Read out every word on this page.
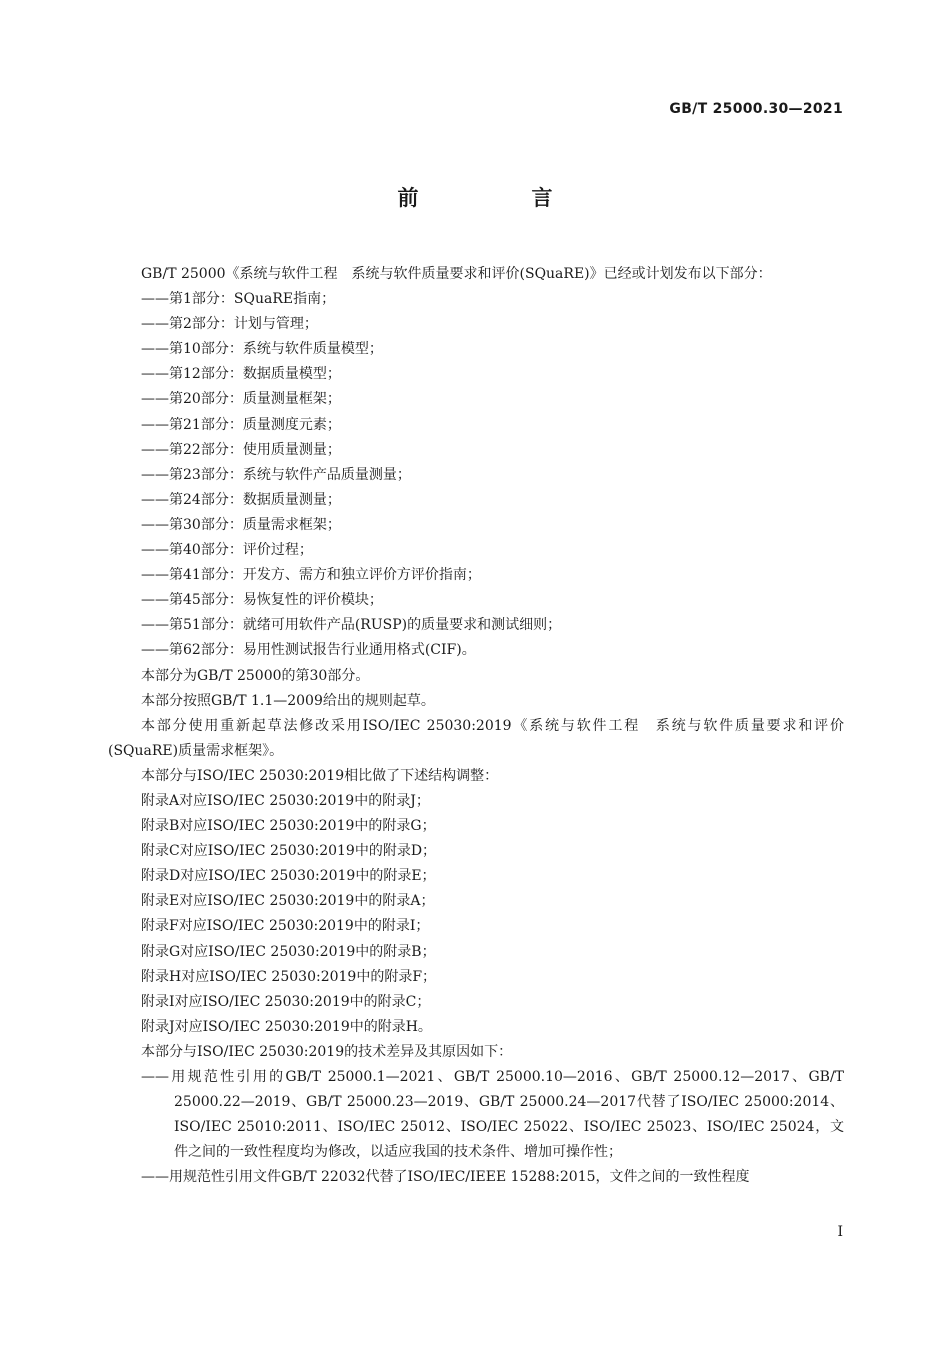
GB/T 25000.30—2021
前　言

GB/T 25000《系统与软件工程　系统与软件质量要求和评价(SQuaRE)》已经或计划发布以下部分：

——第1部分：SQuaRE指南；

——第2部分：计划与管理；

——第10部分：系统与软件质量模型；

——第12部分：数据质量模型；

——第20部分：质量测量框架；

——第21部分：质量测度元素；

——第22部分：使用质量测量；

——第23部分：系统与软件产品质量测量；

——第24部分：数据质量测量；

——第30部分：质量需求框架；

——第40部分：评价过程；

——第41部分：开发方、需方和独立评价方评价指南；

——第45部分：易恢复性的评价模块；

——第51部分：就绪可用软件产品(RUSP)的质量要求和测试细则；

——第62部分：易用性测试报告行业通用格式(CIF)。

本部分为GB/T 25000的第30部分。

本部分按照GB/T 1.1—2009给出的规则起草。

本部分使用重新起草法修改采用ISO/IEC 25030:2019《系统与软件工程　系统与软件质量要求和评价(SQuaRE)质量需求框架》。

本部分与ISO/IEC 25030:2019相比做了下述结构调整：

附录A对应ISO/IEC 25030:2019中的附录J；

附录B对应ISO/IEC 25030:2019中的附录G；

附录C对应ISO/IEC 25030:2019中的附录D；

附录D对应ISO/IEC 25030:2019中的附录E；

附录E对应ISO/IEC 25030:2019中的附录A；

附录F对应ISO/IEC 25030:2019中的附录I；

附录G对应ISO/IEC 25030:2019中的附录B；

附录H对应ISO/IEC 25030:2019中的附录F；

附录I对应ISO/IEC 25030:2019中的附录C；

附录J对应ISO/IEC 25030:2019中的附录H。

本部分与ISO/IEC 25030:2019的技术差异及其原因如下：

——用规范性引用的GB/T 25000.1—2021、GB/T 25000.10—2016、GB/T 25000.12—2017、GB/T 25000.22—2019、GB/T 25000.23—2019、GB/T 25000.24—2017代替了ISO/IEC 25000:2014、ISO/IEC 25010:2011、ISO/IEC 25012、ISO/IEC 25022、ISO/IEC 25023、ISO/IEC 25024，文件之间的一致性程度均为修改，以适应我国的技术条件、增加可操作性；

——用规范性引用文件GB/T 22032代替了ISO/IEC/IEEE 15288:2015，文件之间的一致性程度

I
